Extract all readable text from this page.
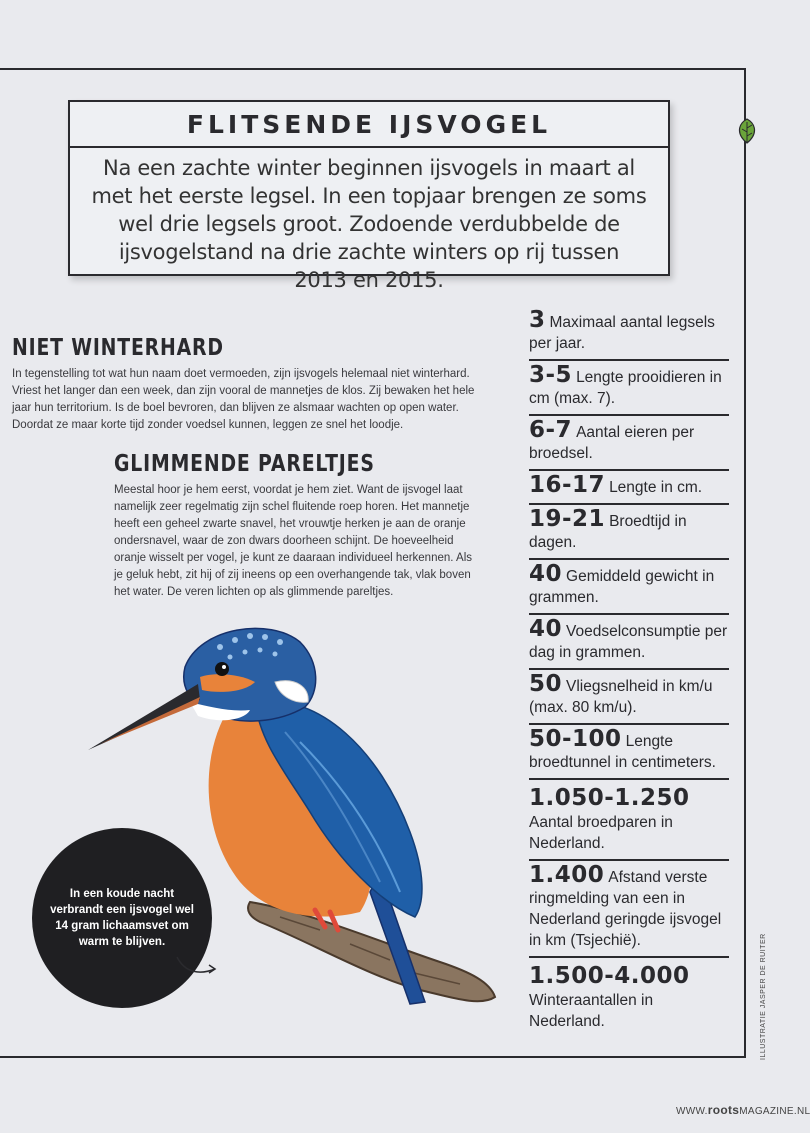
FLITSENDE IJSVOGEL

Na een zachte winter beginnen ijsvogels in maart al met het eerste legsel. In een topjaar brengen ze soms wel drie legsels groot. Zodoende verdubbelde de ijsvogelstand na drie zachte winters op rij tussen 2013 en 2015.

NIET WINTERHARD

In tegenstelling tot wat hun naam doet vermoeden, zijn ijsvogels helemaal niet winterhard. Vriest het langer dan een week, dan zijn vooral de mannetjes de klos. Zij bewaken het hele jaar hun territorium. Is de boel bevroren, dan blijven ze alsmaar wachten op open water. Doordat ze maar korte tijd zonder voedsel kunnen, leggen ze snel het loodje.

GLIMMENDE PARELTJES

Meestal hoor je hem eerst, voordat je hem ziet. Want de ijsvogel laat namelijk zeer regelmatig zijn schel fluitende roep horen. Het mannetje heeft een geheel zwarte snavel, het vrouwtje herken je aan de oranje ondersnavel, waar de zon dwars doorheen schijnt. De hoeveelheid oranje wisselt per vogel, je kunt ze daaraan individueel herkennen. Als je geluk hebt, zit hij of zij ineens op een overhangende tak, vlak boven het water. De veren lichten op als glimmende pareltjes.

3 Maximaal aantal legsels per jaar.
3-5 Lengte prooidieren in cm (max. 7).
6-7 Aantal eieren per broedsel.
16-17 Lengte in cm.
19-21 Broedtijd in dagen.
40 Gemiddeld gewicht in grammen.
40 Voedselconsumptie per dag in grammen.
50 Vliegsnelheid in km/u (max. 80 km/u).
50-100 Lengte broedtunnel in centimeters.
1.050-1.250
Aantal broedparen in Nederland.
1.400 Afstand verste ringmelding van een in Nederland geringde ijsvogel in km (Tsjechië).
1.500-4.000
Winteraantallen in Nederland.

In een koude nacht verbrandt een ijsvogel wel 14 gram lichaamsvet om warm te blijven.	ILLUSTRATIE JASPER DE RUITER
WWW.rootsMAGAZINE.NL
